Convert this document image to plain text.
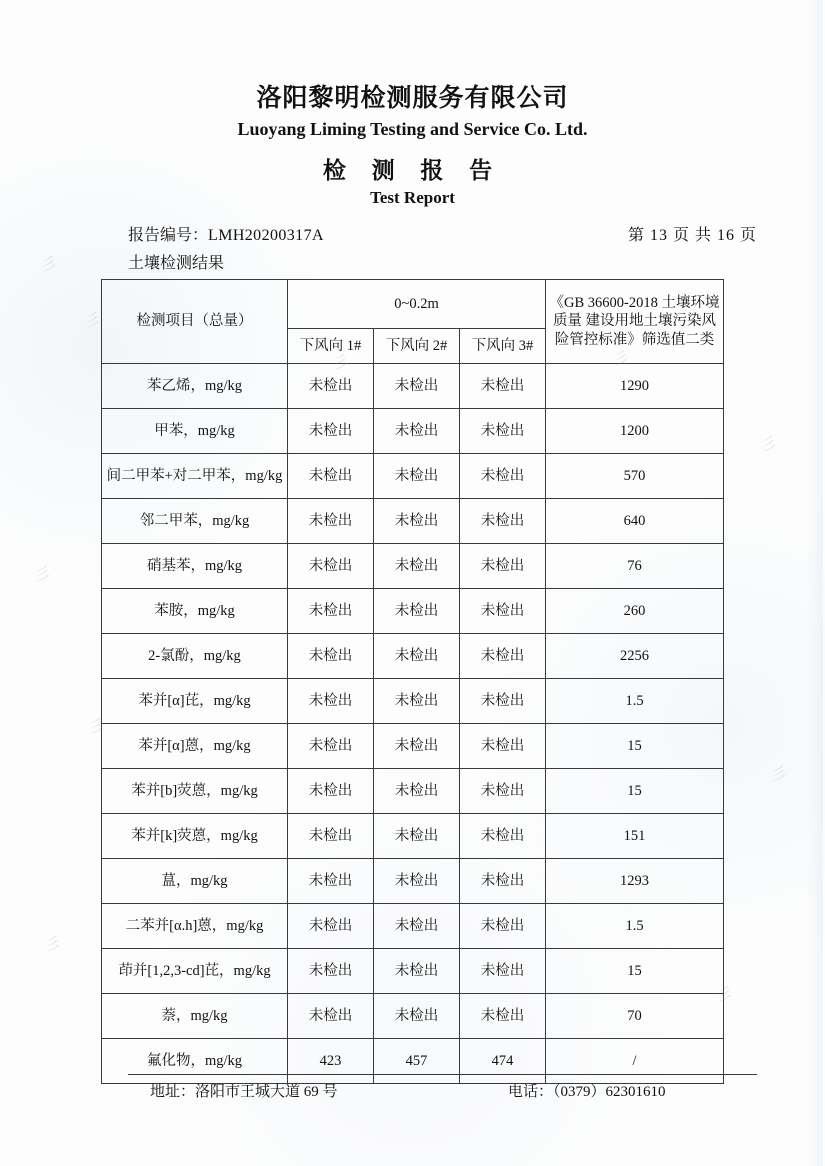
彡
彡
彡	彡
彡
彡
彡
彡
彡
彡
洛阳黎明检测服务有限公司
Luoyang Liming Testing and Service Co. Ltd.
检 测 报 告
Test Report
报告编号：LMH20200317A	第 13 页 共 16 页
土壤检测结果
检测项目（总量）	0~0.2m			《GB 36600-2018 土壤环境质量 建设用地土壤污染风险管控标准》筛选值二类
	下风向 1#	下风向 2#	下风向 3#	
苯乙烯，mg/kg	未检出	未检出	未检出	1290
甲苯，mg/kg	未检出	未检出	未检出	1200
间二甲苯+对二甲苯，mg/kg	未检出	未检出	未检出	570
邻二甲苯，mg/kg	未检出	未检出	未检出	640
硝基苯，mg/kg	未检出	未检出	未检出	76
苯胺，mg/kg	未检出	未检出	未检出	260
2-氯酚，mg/kg	未检出	未检出	未检出	2256
苯并[α]芘，mg/kg	未检出	未检出	未检出	1.5
苯并[α]蒽，mg/kg	未检出	未检出	未检出	15
苯并[b]荧蒽，mg/kg	未检出	未检出	未检出	15
苯并[k]荧蒽，mg/kg	未检出	未检出	未检出	151
蒀，mg/kg	未检出	未检出	未检出	1293
二苯并[α.h]蒽，mg/kg	未检出	未检出	未检出	1.5
茚并[1,2,3-cd]芘，mg/kg	未检出	未检出	未检出	15
萘，mg/kg	未检出	未检出	未检出	70
氟化物，mg/kg	423	457	474	/
地址：洛阳市王城大道 69 号	电话：（0379）62301610
